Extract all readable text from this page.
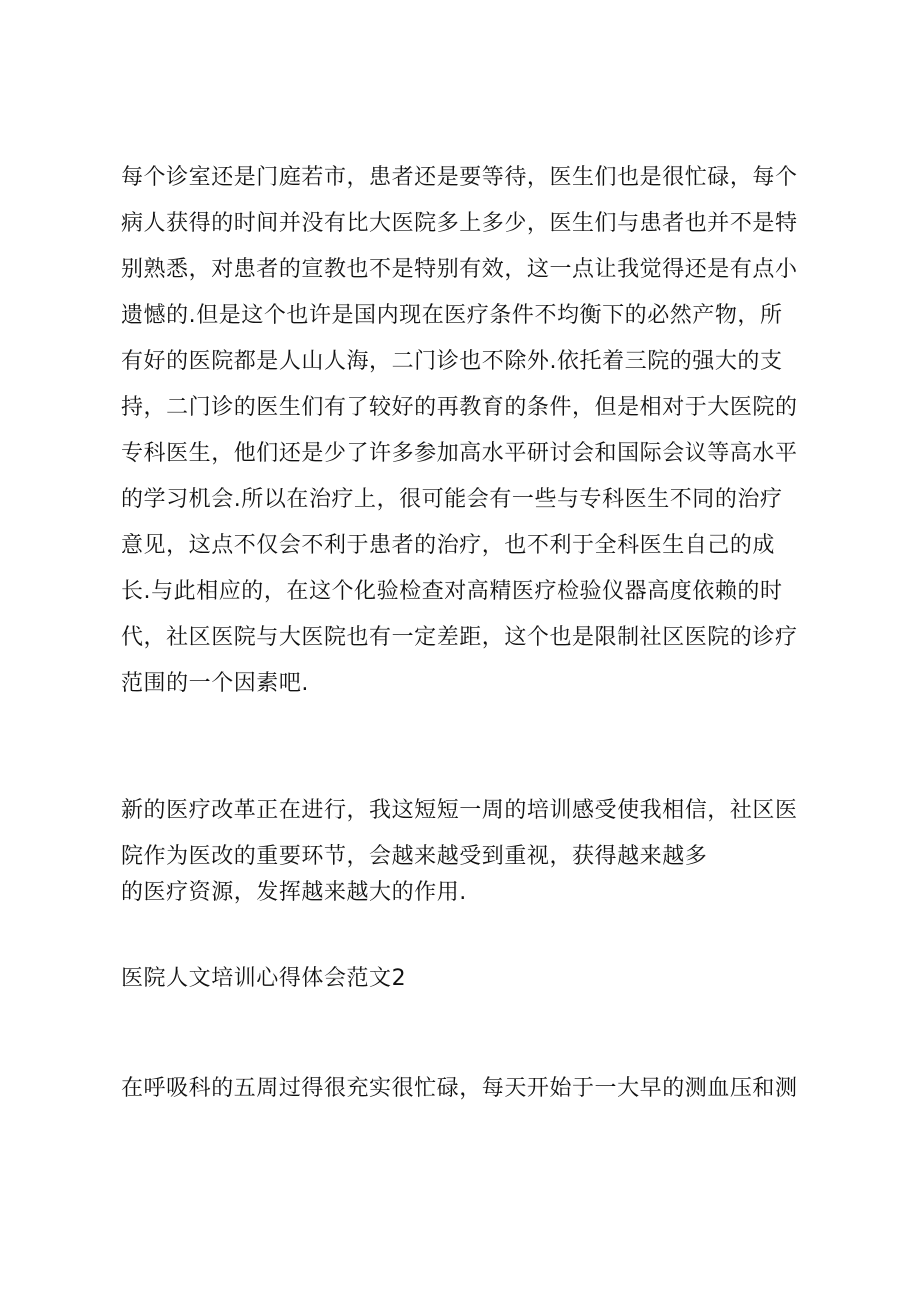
每个诊室还是门庭若市，患者还是要等待，医生们也是很忙碌，每个
病人获得的时间并没有比大医院多上多少，医生们与患者也并不是特
别熟悉，对患者的宣教也不是特别有效，这一点让我觉得还是有点小
遗憾的.但是这个也许是国内现在医疗条件不均衡下的必然产物，所
有好的医院都是人山人海，二门诊也不除外.依托着三院的强大的支
持，二门诊的医生们有了较好的再教育的条件，但是相对于大医院的
专科医生，他们还是少了许多参加高水平研讨会和国际会议等高水平
的学习机会.所以在治疗上，很可能会有一些与专科医生不同的治疗
意见，这点不仅会不利于患者的治疗，也不利于全科医生自己的成
长.与此相应的，在这个化验检查对高精医疗检验仪器高度依赖的时
代，社区医院与大医院也有一定差距，这个也是限制社区医院的诊疗
范围的一个因素吧.
新的医疗改革正在进行，我这短短一周的培训感受使我相信，社区医
院作为医改的重要环节，会越来越受到重视，获得越来越多
的医疗资源，发挥越来越大的作用.
医院人文培训心得体会范文2
在呼吸科的五周过得很充实很忙碌，每天开始于一大早的测血压和测
